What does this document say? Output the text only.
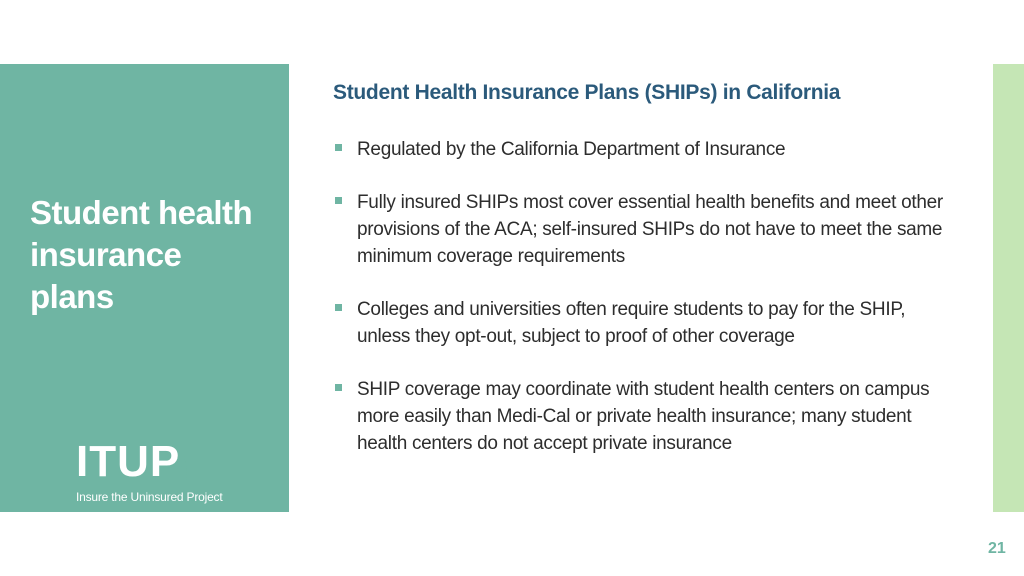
Student health insurance plans
ITUP
Insure the Uninsured Project
Student Health Insurance Plans (SHIPs) in California
Regulated by the California Department of Insurance
Fully insured SHIPs most cover essential health benefits and meet other provisions of the ACA; self-insured SHIPs do not have to meet the same minimum coverage requirements
Colleges and universities often require students to pay for the SHIP, unless they opt-out, subject to proof of other coverage
SHIP coverage may coordinate with student health centers on campus more easily than Medi-Cal or private health insurance; many student health centers do not accept private insurance
21
